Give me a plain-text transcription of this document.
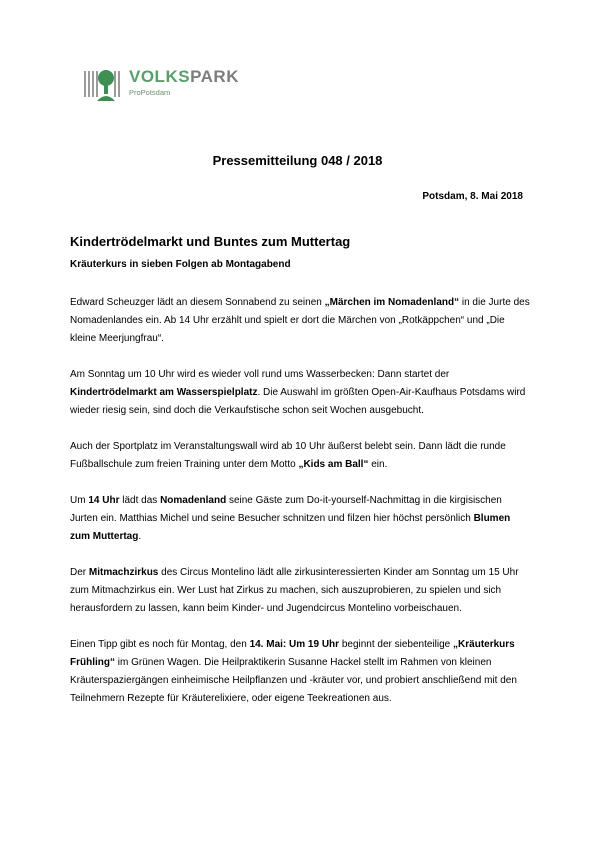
VOLKSPARK
ProPotsdam
Pressemitteilung 048 / 2018
Potsdam, 8. Mai 2018
Kindertrödelmarkt und Buntes zum Muttertag
Kräuterkurs in sieben Folgen ab Montagabend

Edward Scheuzger lädt an diesem Sonnabend zu seinen „Märchen im Nomadenland“ in die Jurte des Nomadenlandes ein. Ab 14 Uhr erzählt und spielt er dort die Märchen von „Rotkäppchen“ und „Die kleine Meerjungfrau“.

Am Sonntag um 10 Uhr wird es wieder voll rund ums Wasserbecken: Dann startet der Kindertrödelmarkt am Wasserspielplatz. Die Auswahl im größten Open-Air-Kaufhaus Potsdams wird wieder riesig sein, sind doch die Verkaufstische schon seit Wochen ausgebucht.

Auch der Sportplatz im Veranstaltungswall wird ab 10 Uhr äußerst belebt sein. Dann lädt die runde Fußballschule zum freien Training unter dem Motto „Kids am Ball“ ein.

Um 14 Uhr lädt das Nomadenland seine Gäste zum Do-it-yourself-Nachmittag in die kirgisischen Jurten ein. Matthias Michel und seine Besucher schnitzen und filzen hier höchst persönlich Blumen zum Muttertag.

Der Mitmachzirkus des Circus Montelino lädt alle zirkusinteressierten Kinder am Sonntag um 15 Uhr zum Mitmachzirkus ein. Wer Lust hat Zirkus zu machen, sich auszuprobieren, zu spielen und sich herausfordern zu lassen, kann beim Kinder- und Jugendcircus Montelino vorbeischauen.

Einen Tipp gibt es noch für Montag, den 14. Mai: Um 19 Uhr beginnt der siebenteilige „Kräuterkurs Frühling“ im Grünen Wagen. Die Heilpraktikerin Susanne Hackel stellt im Rahmen von kleinen Kräuterspaziergängen einheimische Heilpflanzen und -kräuter vor, und probiert anschließend mit den Teilnehmern Rezepte für Kräuterelixiere, oder eigene Teekreationen aus.
